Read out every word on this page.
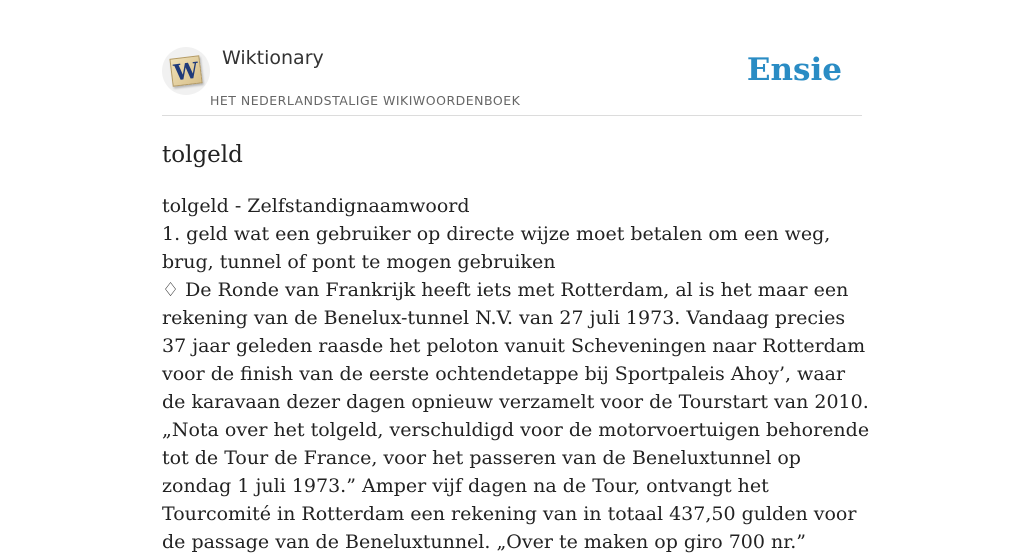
W Wiktionary
HET NEDERLANDSTALIGE WIKIWOORDENBOEK
Ensie
tolgeld

tolgeld - Zelfstandignaamwoord

1. geld wat een gebruiker op directe wijze moet betalen om een weg, brug, tunnel of pont te mogen gebruiken

♢ De Ronde van Frankrijk heeft iets met Rotterdam, al is het maar een rekening van de Benelux-tunnel N.V. van 27 juli 1973. Vandaag precies 37 jaar geleden raasde het peloton vanuit Scheveningen naar Rotterdam voor de finish van de eerste ochtendetappe bij Sportpaleis Ahoy’, waar de karavaan dezer dagen opnieuw verzamelt voor de Tourstart van 2010. „Nota over het tolgeld, verschuldigd voor de motorvoertuigen behorende tot de Tour de France, voor het passeren van de Beneluxtunnel op zondag 1 juli 1973.” Amper vijf dagen na de Tour, ontvangt het Tourcomité in Rotterdam een rekening van in totaal 437,50 gulden voor de passage van de Beneluxtunnel. „Over te maken op giro 700 nr.”
